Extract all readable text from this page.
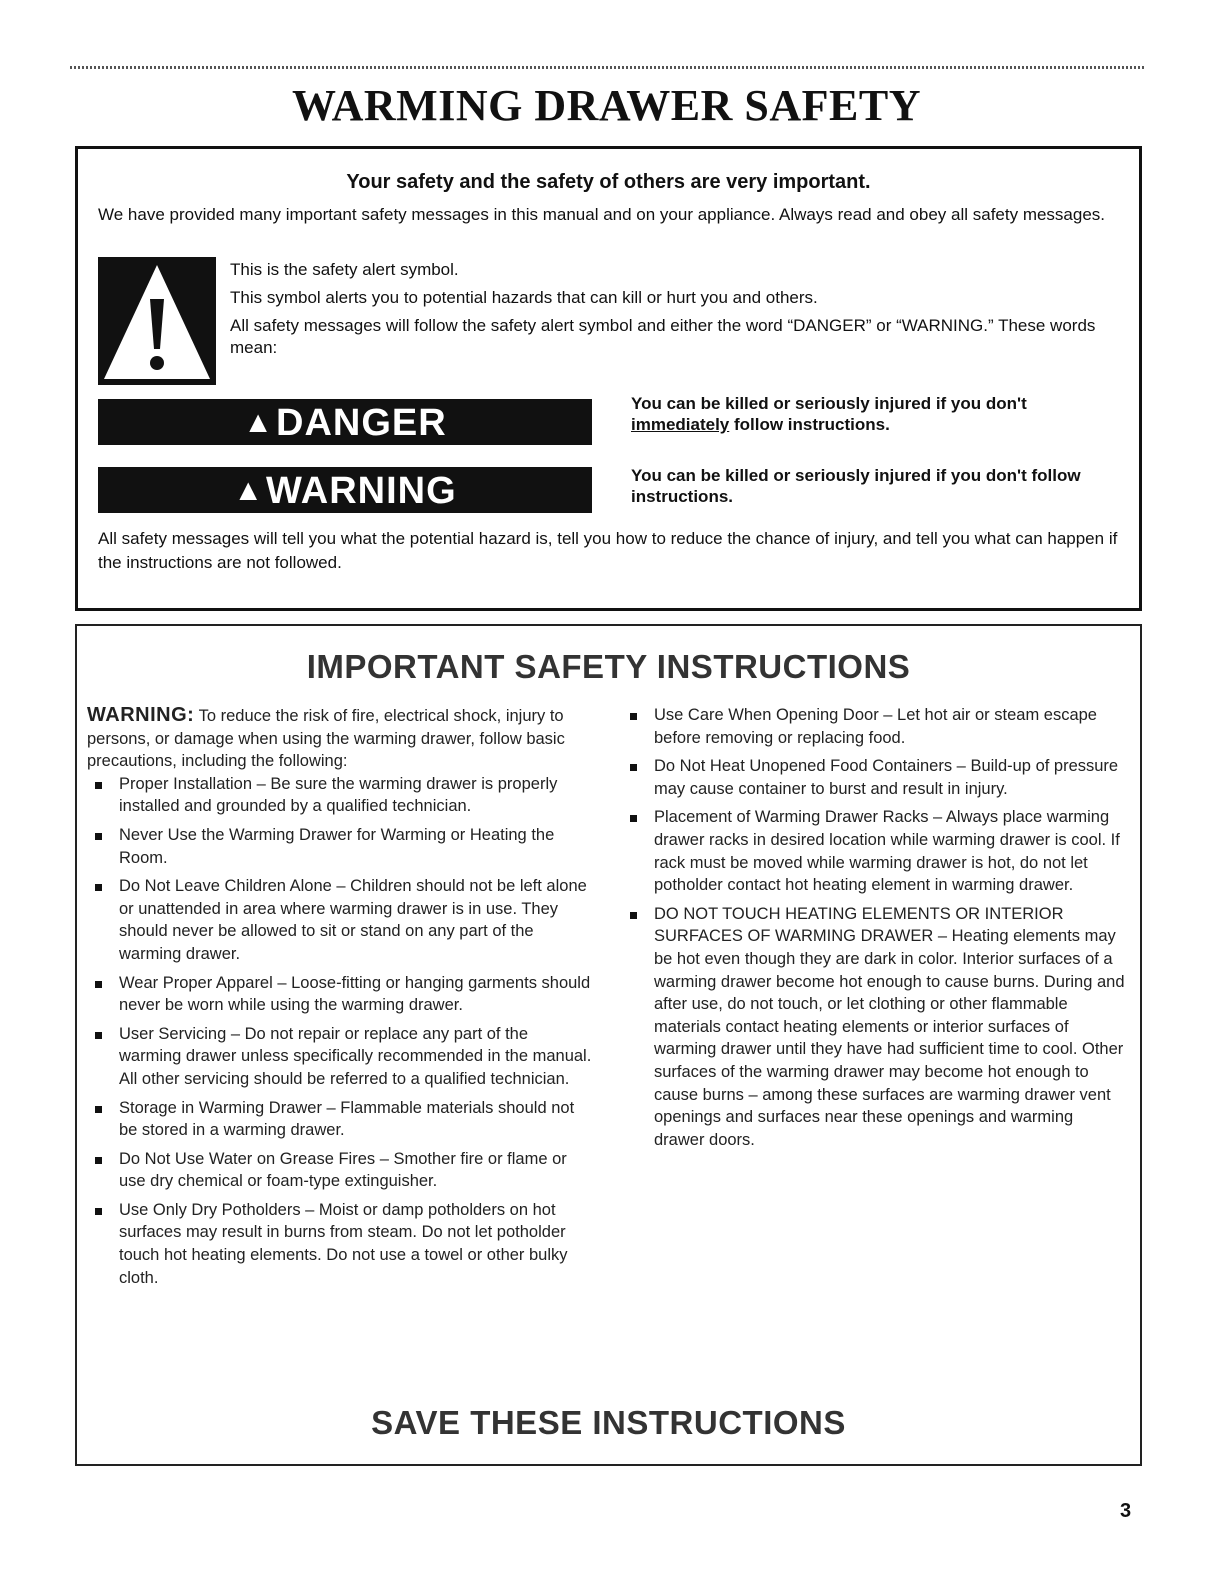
WARMING DRAWER SAFETY
Your safety and the safety of others are very important.
We have provided many important safety messages in this manual and on your appliance. Always read and obey all safety messages.

This is the safety alert symbol.

This symbol alerts you to potential hazards that can kill or hurt you and others.

All safety messages will follow the safety alert symbol and either the word “DANGER” or “WARNING.” These words mean:

▲DANGER	You can be killed or seriously injured if you don't immediately follow instructions.
▲WARNING	You can be killed or seriously injured if you don't follow instructions.
All safety messages will tell you what the potential hazard is, tell you how to reduce the chance of injury, and tell you what can happen if the instructions are not followed.
IMPORTANT SAFETY INSTRUCTIONS

WARNING: To reduce the risk of fire, electrical shock, injury to persons, or damage when using the warming drawer, follow basic precautions, including the following:

Proper Installation – Be sure the warming drawer is properly installed and grounded by a qualified technician.
Never Use the Warming Drawer for Warming or Heating the Room.
Do Not Leave Children Alone – Children should not be left alone or unattended in area where warming drawer is in use. They should never be allowed to sit or stand on any part of the warming drawer.
Wear Proper Apparel – Loose-fitting or hanging garments should never be worn while using the warming drawer.
User Servicing – Do not repair or replace any part of the warming drawer unless specifically recommended in the manual. All other servicing should be referred to a qualified technician.
Storage in Warming Drawer – Flammable materials should not be stored in a warming drawer.
Do Not Use Water on Grease Fires – Smother fire or flame or use dry chemical or foam-type extinguisher.
Use Only Dry Potholders – Moist or damp potholders on hot surfaces may result in burns from steam. Do not let potholder touch hot heating elements. Do not use a towel or other bulky cloth.
Use Care When Opening Door – Let hot air or steam escape before removing or replacing food.
Do Not Heat Unopened Food Containers – Build-up of pressure may cause container to burst and result in injury.
Placement of Warming Drawer Racks – Always place warming drawer racks in desired location while warming drawer is cool. If rack must be moved while warming drawer is hot, do not let potholder contact hot heating element in warming drawer.
DO NOT TOUCH HEATING ELEMENTS OR INTERIOR SURFACES OF WARMING DRAWER – Heating elements may be hot even though they are dark in color. Interior surfaces of a warming drawer become hot enough to cause burns. During and after use, do not touch, or let clothing or other flammable materials contact heating elements or interior surfaces of warming drawer until they have had sufficient time to cool. Other surfaces of the warming drawer may become hot enough to cause burns – among these surfaces are warming drawer vent openings and surfaces near these openings and warming drawer doors.
SAVE THESE INSTRUCTIONS
3
